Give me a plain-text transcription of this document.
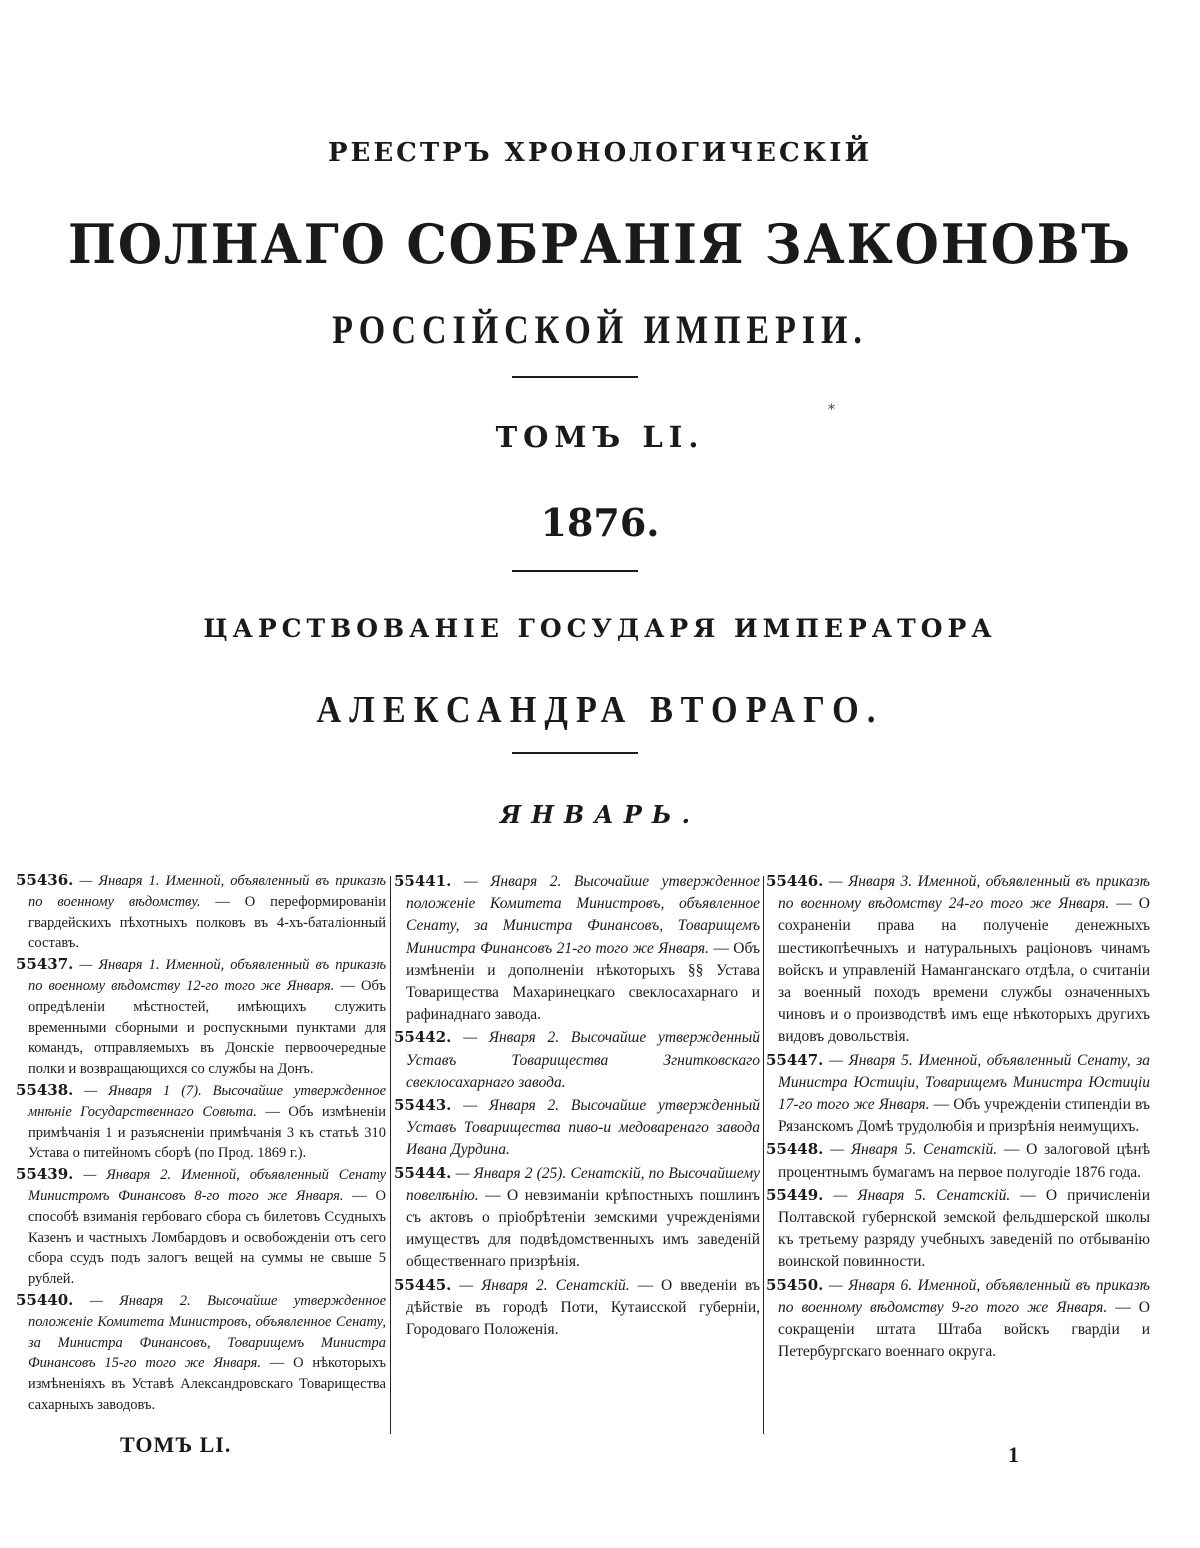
РЕЕСТРЪ ХРОНОЛОГИЧЕСКІЙ
ПОЛНАГО СОБРАНІЯ ЗАКОНОВЪ
РОССІЙСКОЙ ИМПЕРІИ.
*
ТОМЪ LI.
1876.
ЦАРСТВОВАНІЕ ГОСУДАРЯ ИМПЕРАТОРА
АЛЕКСАНДРА ВТОРАГО.
ЯНВАРЬ.

55436. — Января 1. Именной, объявленный въ приказѣ по военному вѣдомству. — О переформированіи гвардейскихъ пѣхотныхъ полковъ въ 4-хъ-баталіонный составъ.

55437. — Января 1. Именной, объявленный въ приказѣ по военному вѣдомству 12-го того же Января. — Объ опредѣленіи мѣстностей, имѣющихъ служить временными сборными и роспускными пунктами для командъ, отправляемыхъ въ Донскіе первоочередные полки и возвращающихся со службы на Донъ.

55438. — Января 1 (7). Высочайше утвержденное мнѣніе Государственнаго Совѣта. — Объ измѣненіи примѣчанія 1 и разъясненіи примѣчанія 3 къ статьѣ 310 Устава о питейномъ сборѣ (по Прод. 1869 г.).

55439. — Января 2. Именной, объявленный Сенату Министромъ Финансовъ 8-го того же Января. — О способѣ взиманія гербоваго сбора съ билетовъ Ссудныхъ Казенъ и частныхъ Ломбардовъ и освобожденіи отъ сего сбора ссудъ подъ залогъ вещей на суммы не свыше 5 рублей.

55440. — Января 2. Высочайше утвержденное положеніе Комитета Министровъ, объявленное Сенату, за Министра Финансовъ, Товарищемъ Министра Финансовъ 15-го того же Января. — О нѣкоторыхъ измѣненіяхъ въ Уставѣ Александровскаго Товарищества сахарныхъ заводовъ.

55441. — Января 2. Высочайше утвержденное положеніе Комитета Министровъ, объявленное Сенату, за Министра Финансовъ, Товарищемъ Министра Финансовъ 21-го того же Января. — Объ измѣненіи и дополненіи нѣкоторыхъ §§ Устава Товарищества Махаринецкаго свеклосахарнаго и рафинаднаго завода.

55442. — Января 2. Высочайше утвержденный Уставъ Товарищества Згнитковскаго свеклосахарнаго завода.

55443. — Января 2. Высочайше утвержденный Уставъ Товарищества пиво-и медоваренаго завода Ивана Дурдина.

55444. — Января 2 (25). Сенатскій, по Высочайшему повелѣнію. — О невзиманіи крѣпостныхъ пошлинъ съ актовъ о пріобрѣтеніи земскими учрежденіями имуществъ для подвѣдомственныхъ имъ заведеній общественнаго призрѣнія.

55445. — Января 2. Сенатскій. — О введеніи въ дѣйствіе въ городѣ Поти, Кутаисской губерніи, Городоваго Положенія.

55446. — Января 3. Именной, объявленный въ приказѣ по военному вѣдомству 24-го того же Января. — О сохраненіи права на полученіе денежныхъ шестикопѣечныхъ и натуральныхъ раціоновъ чинамъ войскъ и управленій Наманганскаго отдѣла, о считаніи за военный походъ времени службы означенныхъ чиновъ и о производствѣ имъ еще нѣкоторыхъ другихъ видовъ довольствія.

55447. — Января 5. Именной, объявленный Сенату, за Министра Юстиціи, Товарищемъ Министра Юстиціи 17-го того же Января. — Объ учрежденіи стипендіи въ Рязанскомъ Домѣ трудолюбія и призрѣнія неимущихъ.

55448. — Января 5. Сенатскій. — О залоговой цѣнѣ процентнымъ бумагамъ на первое полугодіе 1876 года.

55449. — Января 5. Сенатскій. — О причисленіи Полтавской губернской земской фельдшерской школы къ третьему разряду учебныхъ заведеній по отбыванію воинской повинности.

55450. — Января 6. Именной, объявленный въ приказѣ по военному вѣдомству 9-го того же Января. — О сокращеніи штата Штаба войскъ гвардіи и Петербургскаго военнаго округа.

ТОМЪ LI.	1
